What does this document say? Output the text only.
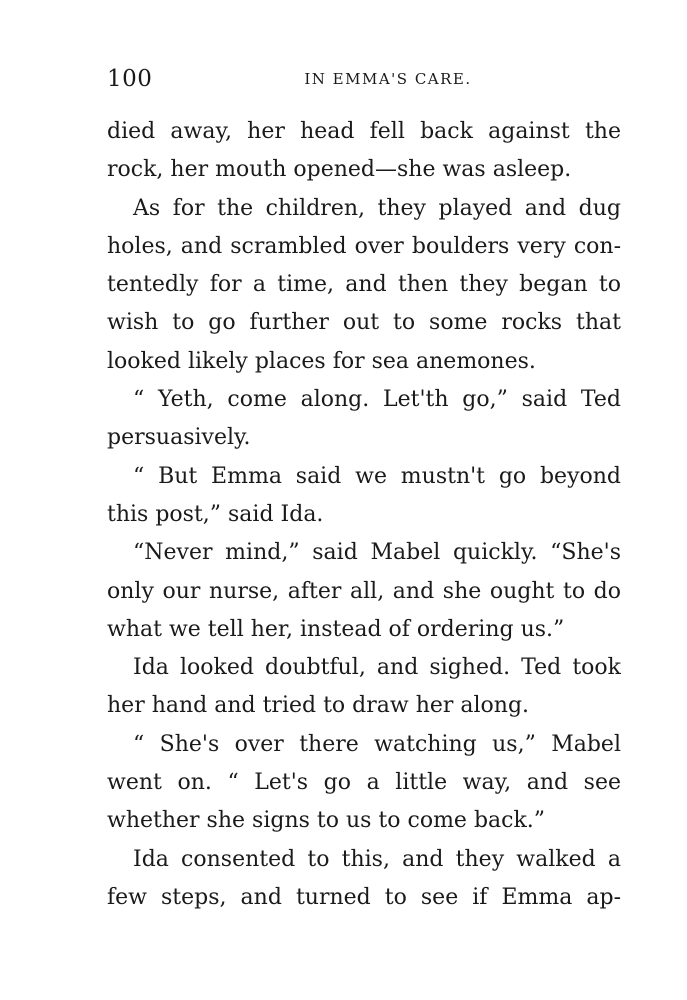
100	IN EMMA'S CARE.
died away, her head fell back against the
rock, her mouth opened—she was asleep.
As for the children, they played and dug
holes, and scrambled over boulders very con-
tentedly for a time, and then they began to
wish to go further out to some rocks that
looked likely places for sea anemones.
“ Yeth, come along. Let'th go,” said Ted
persuasively.
“ But Emma said we mustn't go beyond
this post,” said Ida.
“Never mind,” said Mabel quickly. “She's
only our nurse, after all, and she ought to do
what we tell her, instead of ordering us.”
Ida looked doubtful, and sighed. Ted took
her hand and tried to draw her along.
“ She's over there watching us,” Mabel
went on. “ Let's go a little way, and see
whether she signs to us to come back.”
Ida consented to this, and they walked a
few steps, and turned to see if Emma ap-
